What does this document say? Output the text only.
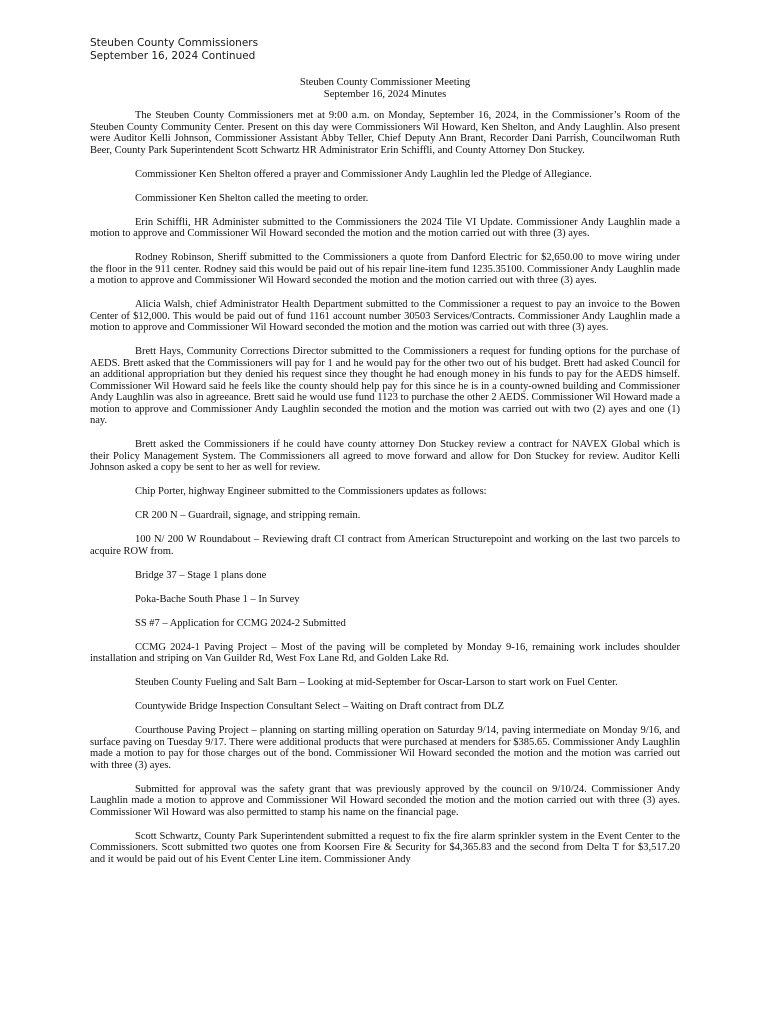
Steuben County Commissioners
September 16, 2024 Continued
Steuben County Commissioner Meeting
September 16, 2024 Minutes

The Steuben County Commissioners met at 9:00 a.m. on Monday, September 16, 2024, in the Commissioner’s Room of the Steuben County Community Center. Present on this day were Commissioners Wil Howard, Ken Shelton, and Andy Laughlin. Also present were Auditor Kelli Johnson, Commissioner Assistant Abby Teller, Chief Deputy Ann Brant, Recorder Dani Parrish, Councilwoman Ruth Beer, County Park Superintendent Scott Schwartz HR Administrator Erin Schiffli, and County Attorney Don Stuckey.

Commissioner Ken Shelton offered a prayer and Commissioner Andy Laughlin led the Pledge of Allegiance.

Commissioner Ken Shelton called the meeting to order.

Erin Schiffli, HR Administer submitted to the Commissioners the 2024 Tile VI Update. Commissioner Andy Laughlin made a motion to approve and Commissioner Wil Howard seconded the motion and the motion carried out with three (3) ayes.

Rodney Robinson, Sheriff submitted to the Commissioners a quote from Danford Electric for $2,650.00 to move wiring under the floor in the 911 center. Rodney said this would be paid out of his repair line-item fund 1235.35100. Commissioner Andy Laughlin made a motion to approve and Commissioner Wil Howard seconded the motion and the motion carried out with three (3) ayes.

Alicia Walsh, chief Administrator Health Department submitted to the Commissioner a request to pay an invoice to the Bowen Center of $12,000. This would be paid out of fund 1161 account number 30503 Services/Contracts. Commissioner Andy Laughlin made a motion to approve and Commissioner Wil Howard seconded the motion and the motion was carried out with three (3) ayes.

Brett Hays, Community Corrections Director submitted to the Commissioners a request for funding options for the purchase of AEDS. Brett asked that the Commissioners will pay for 1 and he would pay for the other two out of his budget. Brett had asked Council for an additional appropriation but they denied his request since they thought he had enough money in his funds to pay for the AEDS himself. Commissioner Wil Howard said he feels like the county should help pay for this since he is in a county-owned building and Commissioner Andy Laughlin was also in agreeance. Brett said he would use fund 1123 to purchase the other 2 AEDS. Commissioner Wil Howard made a motion to approve and Commissioner Andy Laughlin seconded the motion and the motion was carried out with two (2) ayes and one (1) nay.

Brett asked the Commissioners if he could have county attorney Don Stuckey review a contract for NAVEX Global which is their Policy Management System. The Commissioners all agreed to move forward and allow for Don Stuckey for review. Auditor Kelli Johnson asked a copy be sent to her as well for review.

Chip Porter, highway Engineer submitted to the Commissioners updates as follows:

CR 200 N – Guardrail, signage, and stripping remain.

100 N/ 200 W Roundabout – Reviewing draft CI contract from American Structurepoint and working on the last two parcels to acquire ROW from.

Bridge 37 – Stage 1 plans done

Poka-Bache South Phase 1 – In Survey

SS #7 – Application for CCMG 2024-2 Submitted

CCMG 2024-1 Paving Project – Most of the paving will be completed by Monday 9-16, remaining work includes shoulder installation and striping on Van Guilder Rd, West Fox Lane Rd, and Golden Lake Rd.

Steuben County Fueling and Salt Barn – Looking at mid-September for Oscar-Larson to start work on Fuel Center.

Countywide Bridge Inspection Consultant Select – Waiting on Draft contract from DLZ

Courthouse Paving Project – planning on starting milling operation on Saturday 9/14, paving intermediate on Monday 9/16, and surface paving on Tuesday 9/17. There were additional products that were purchased at menders for $385.65. Commissioner Andy Laughlin made a motion to pay for those charges out of the bond. Commissioner Wil Howard seconded the motion and the motion was carried out with three (3) ayes.

Submitted for approval was the safety grant that was previously approved by the council on 9/10/24. Commissioner Andy Laughlin made a motion to approve and Commissioner Wil Howard seconded the motion and the motion carried out with three (3) ayes. Commissioner Wil Howard was also permitted to stamp his name on the financial page.

Scott Schwartz, County Park Superintendent submitted a request to fix the fire alarm sprinkler system in the Event Center to the Commissioners. Scott submitted two quotes one from Koorsen Fire & Security for $4,365.83 and the second from Delta T for $3,517.20 and it would be paid out of his Event Center Line item. Commissioner Andy
